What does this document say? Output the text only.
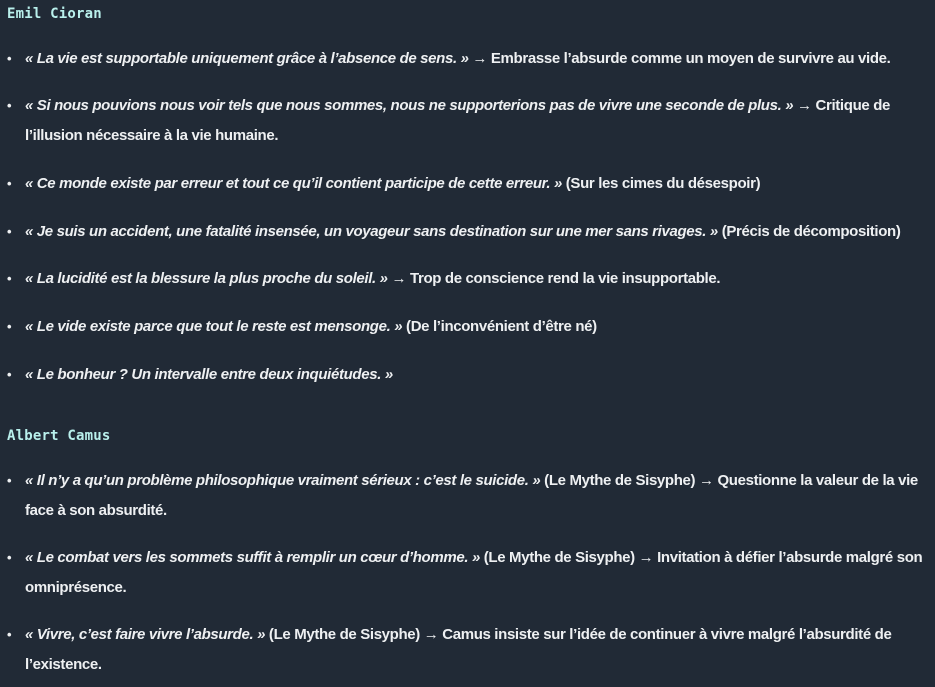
Emil Cioran
• « La vie est supportable uniquement grâce à l’absence de sens. » → Embrasse l’absurde comme un moyen de survivre au vide.
• « Si nous pouvions nous voir tels que nous sommes, nous ne supporterions pas de vivre une seconde de plus. » → Critique de l’illusion nécessaire à la vie humaine.
• « Ce monde existe par erreur et tout ce qu’il contient participe de cette erreur. » (Sur les cimes du désespoir)
• « Je suis un accident, une fatalité insensée, un voyageur sans destination sur une mer sans rivages. » (Précis de décomposition)
• « La lucidité est la blessure la plus proche du soleil. » → Trop de conscience rend la vie insupportable.
• « Le vide existe parce que tout le reste est mensonge. » (De l’inconvénient d’être né)
• « Le bonheur ? Un intervalle entre deux inquiétudes. »
Albert Camus
• « Il n’y a qu’un problème philosophique vraiment sérieux : c’est le suicide. » (Le Mythe de Sisyphe) → Questionne la valeur de la vie face à son absurdité.
• « Le combat vers les sommets suffit à remplir un cœur d’homme. » (Le Mythe de Sisyphe) → Invitation à défier l’absurde malgré son omniprésence.
• « Vivre, c’est faire vivre l’absurde. » (Le Mythe de Sisyphe) → Camus insiste sur l’idée de continuer à vivre malgré l’absurdité de l’existence.
